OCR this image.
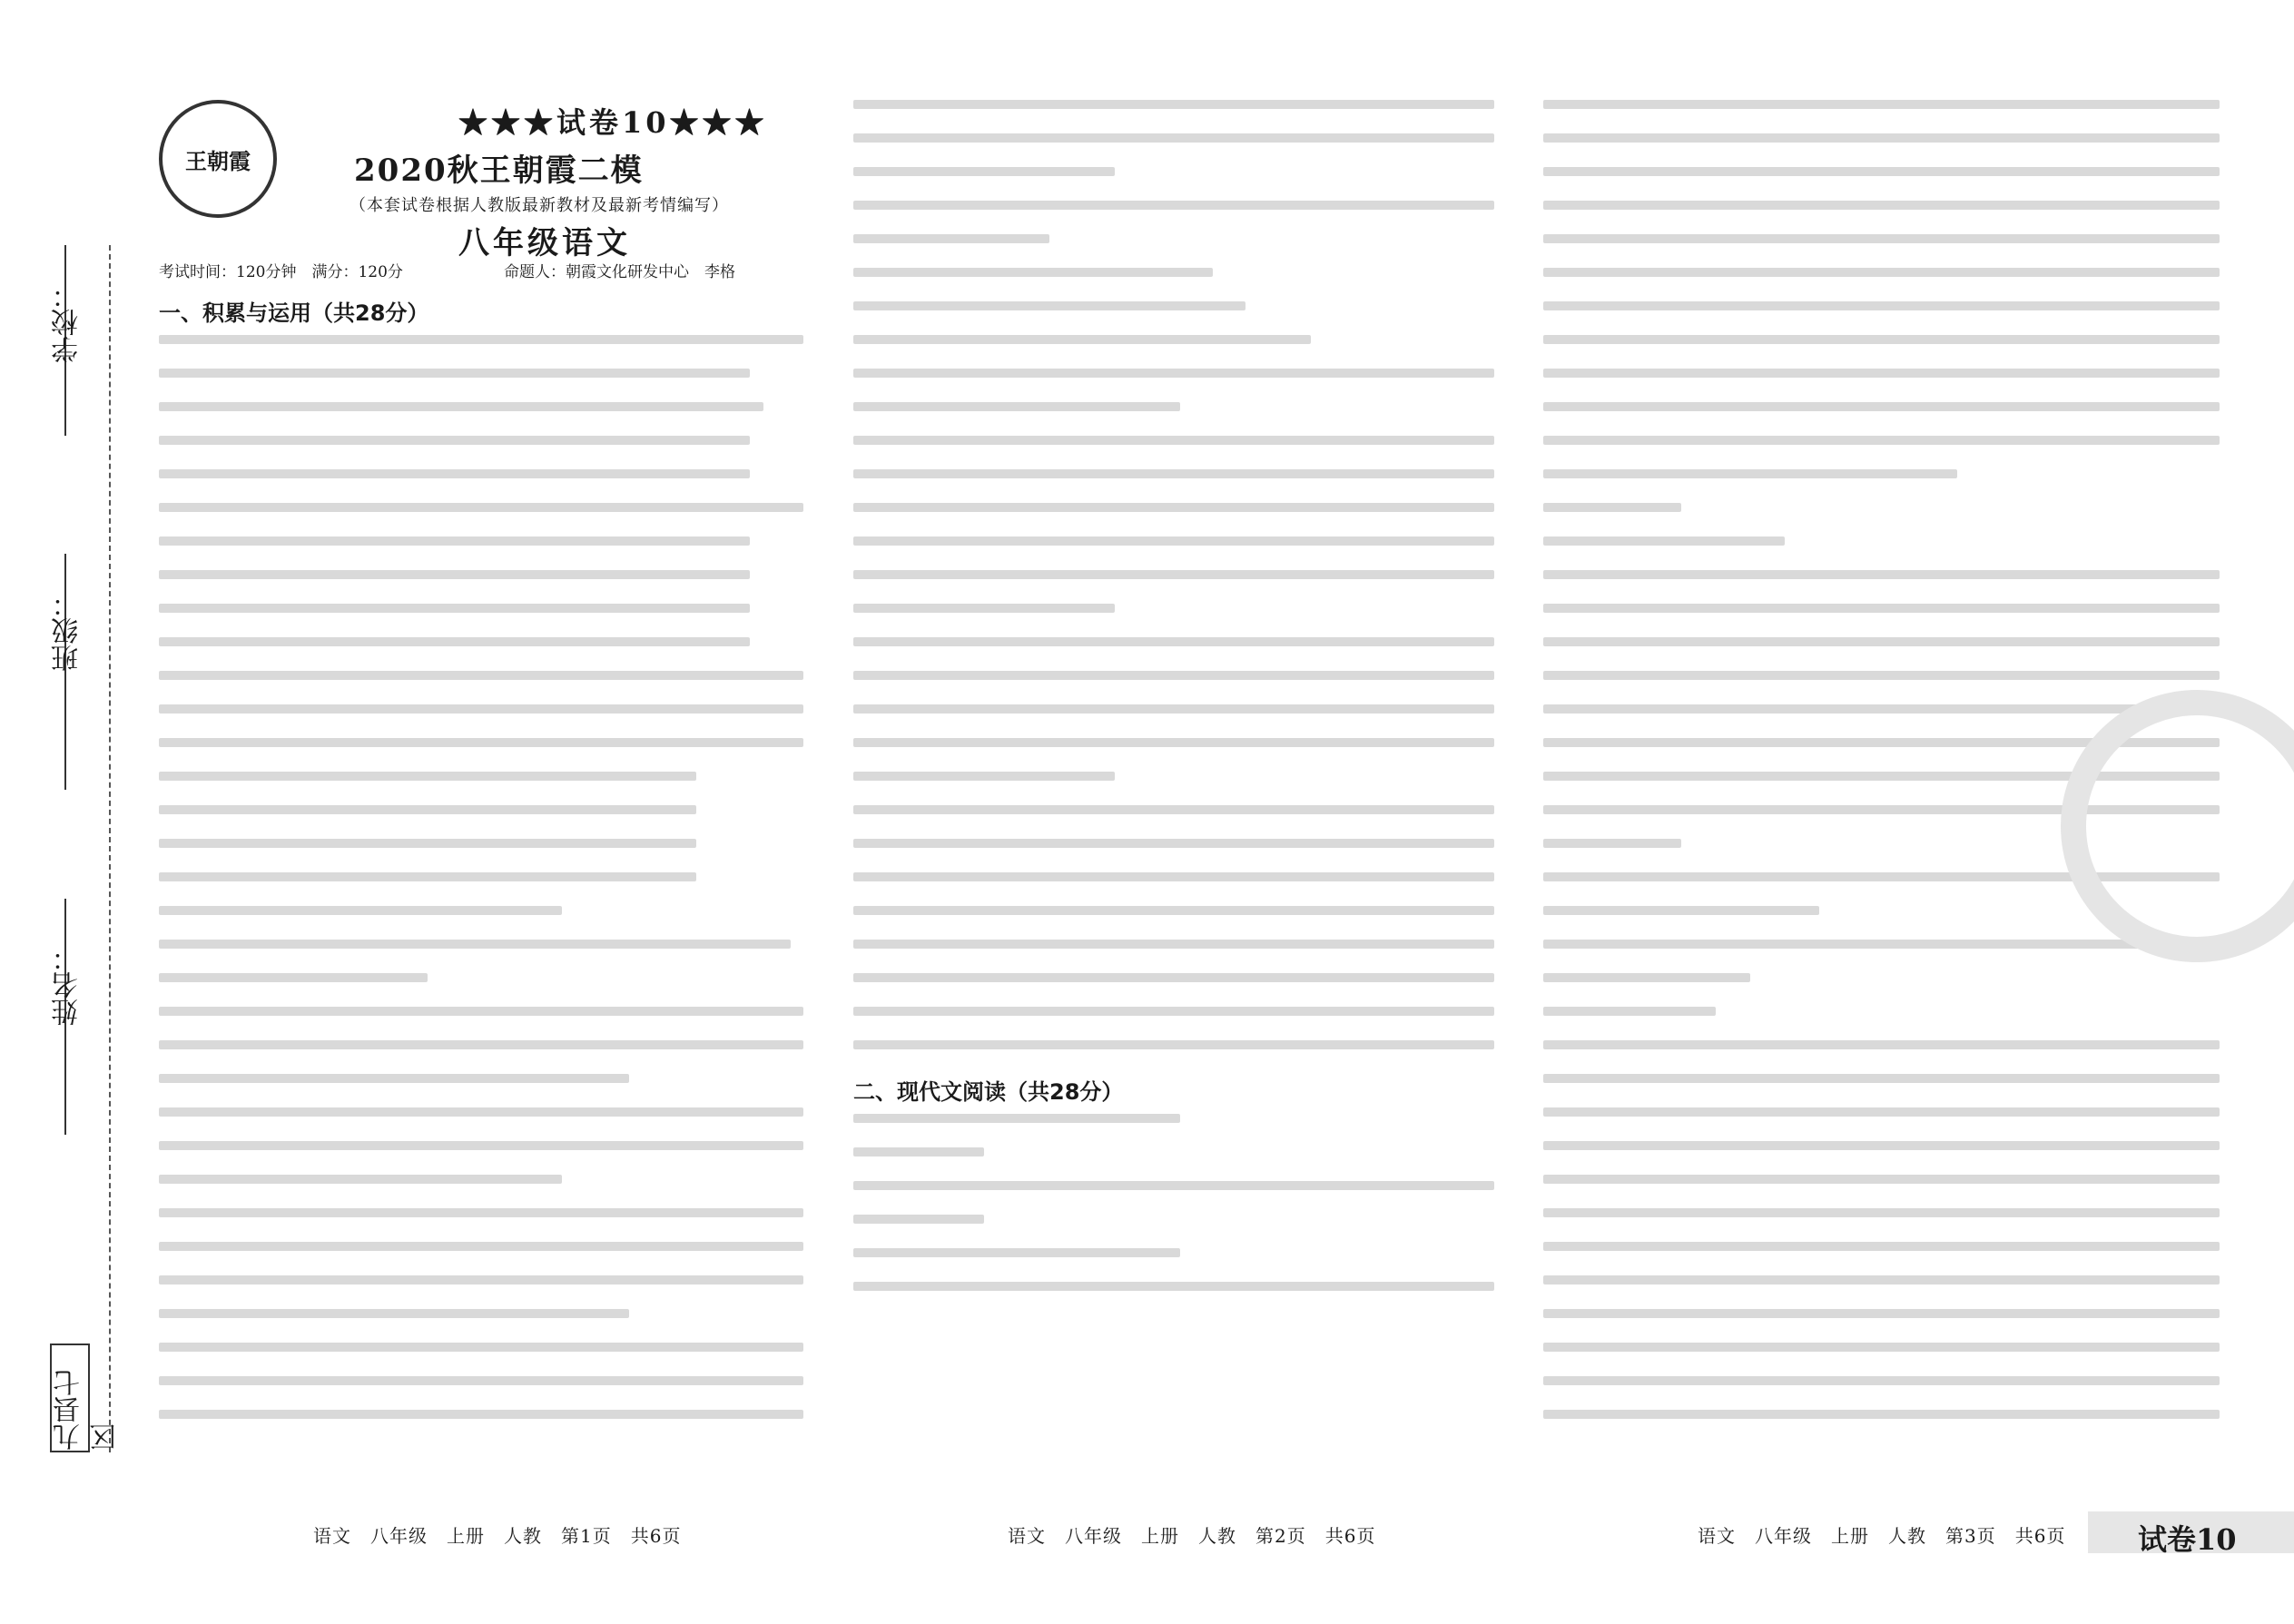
学校：
班级：
姓名：
九县七区
王朝霞
★★★试卷10★★★
2020秋王朝霞二模
（本套试卷根据人教版最新教材及最新考情编写）
八年级语文
考试时间：120分钟　满分：120分	命题人：朝霞文化研发中心　李格
一、积累与运用（共28分）
二、现代文阅读（共28分）
语文　八年级　上册　人教　第1页　共6页	语文　八年级　上册　人教　第2页　共6页	语文　八年级　上册　人教　第3页　共6页 试卷10
